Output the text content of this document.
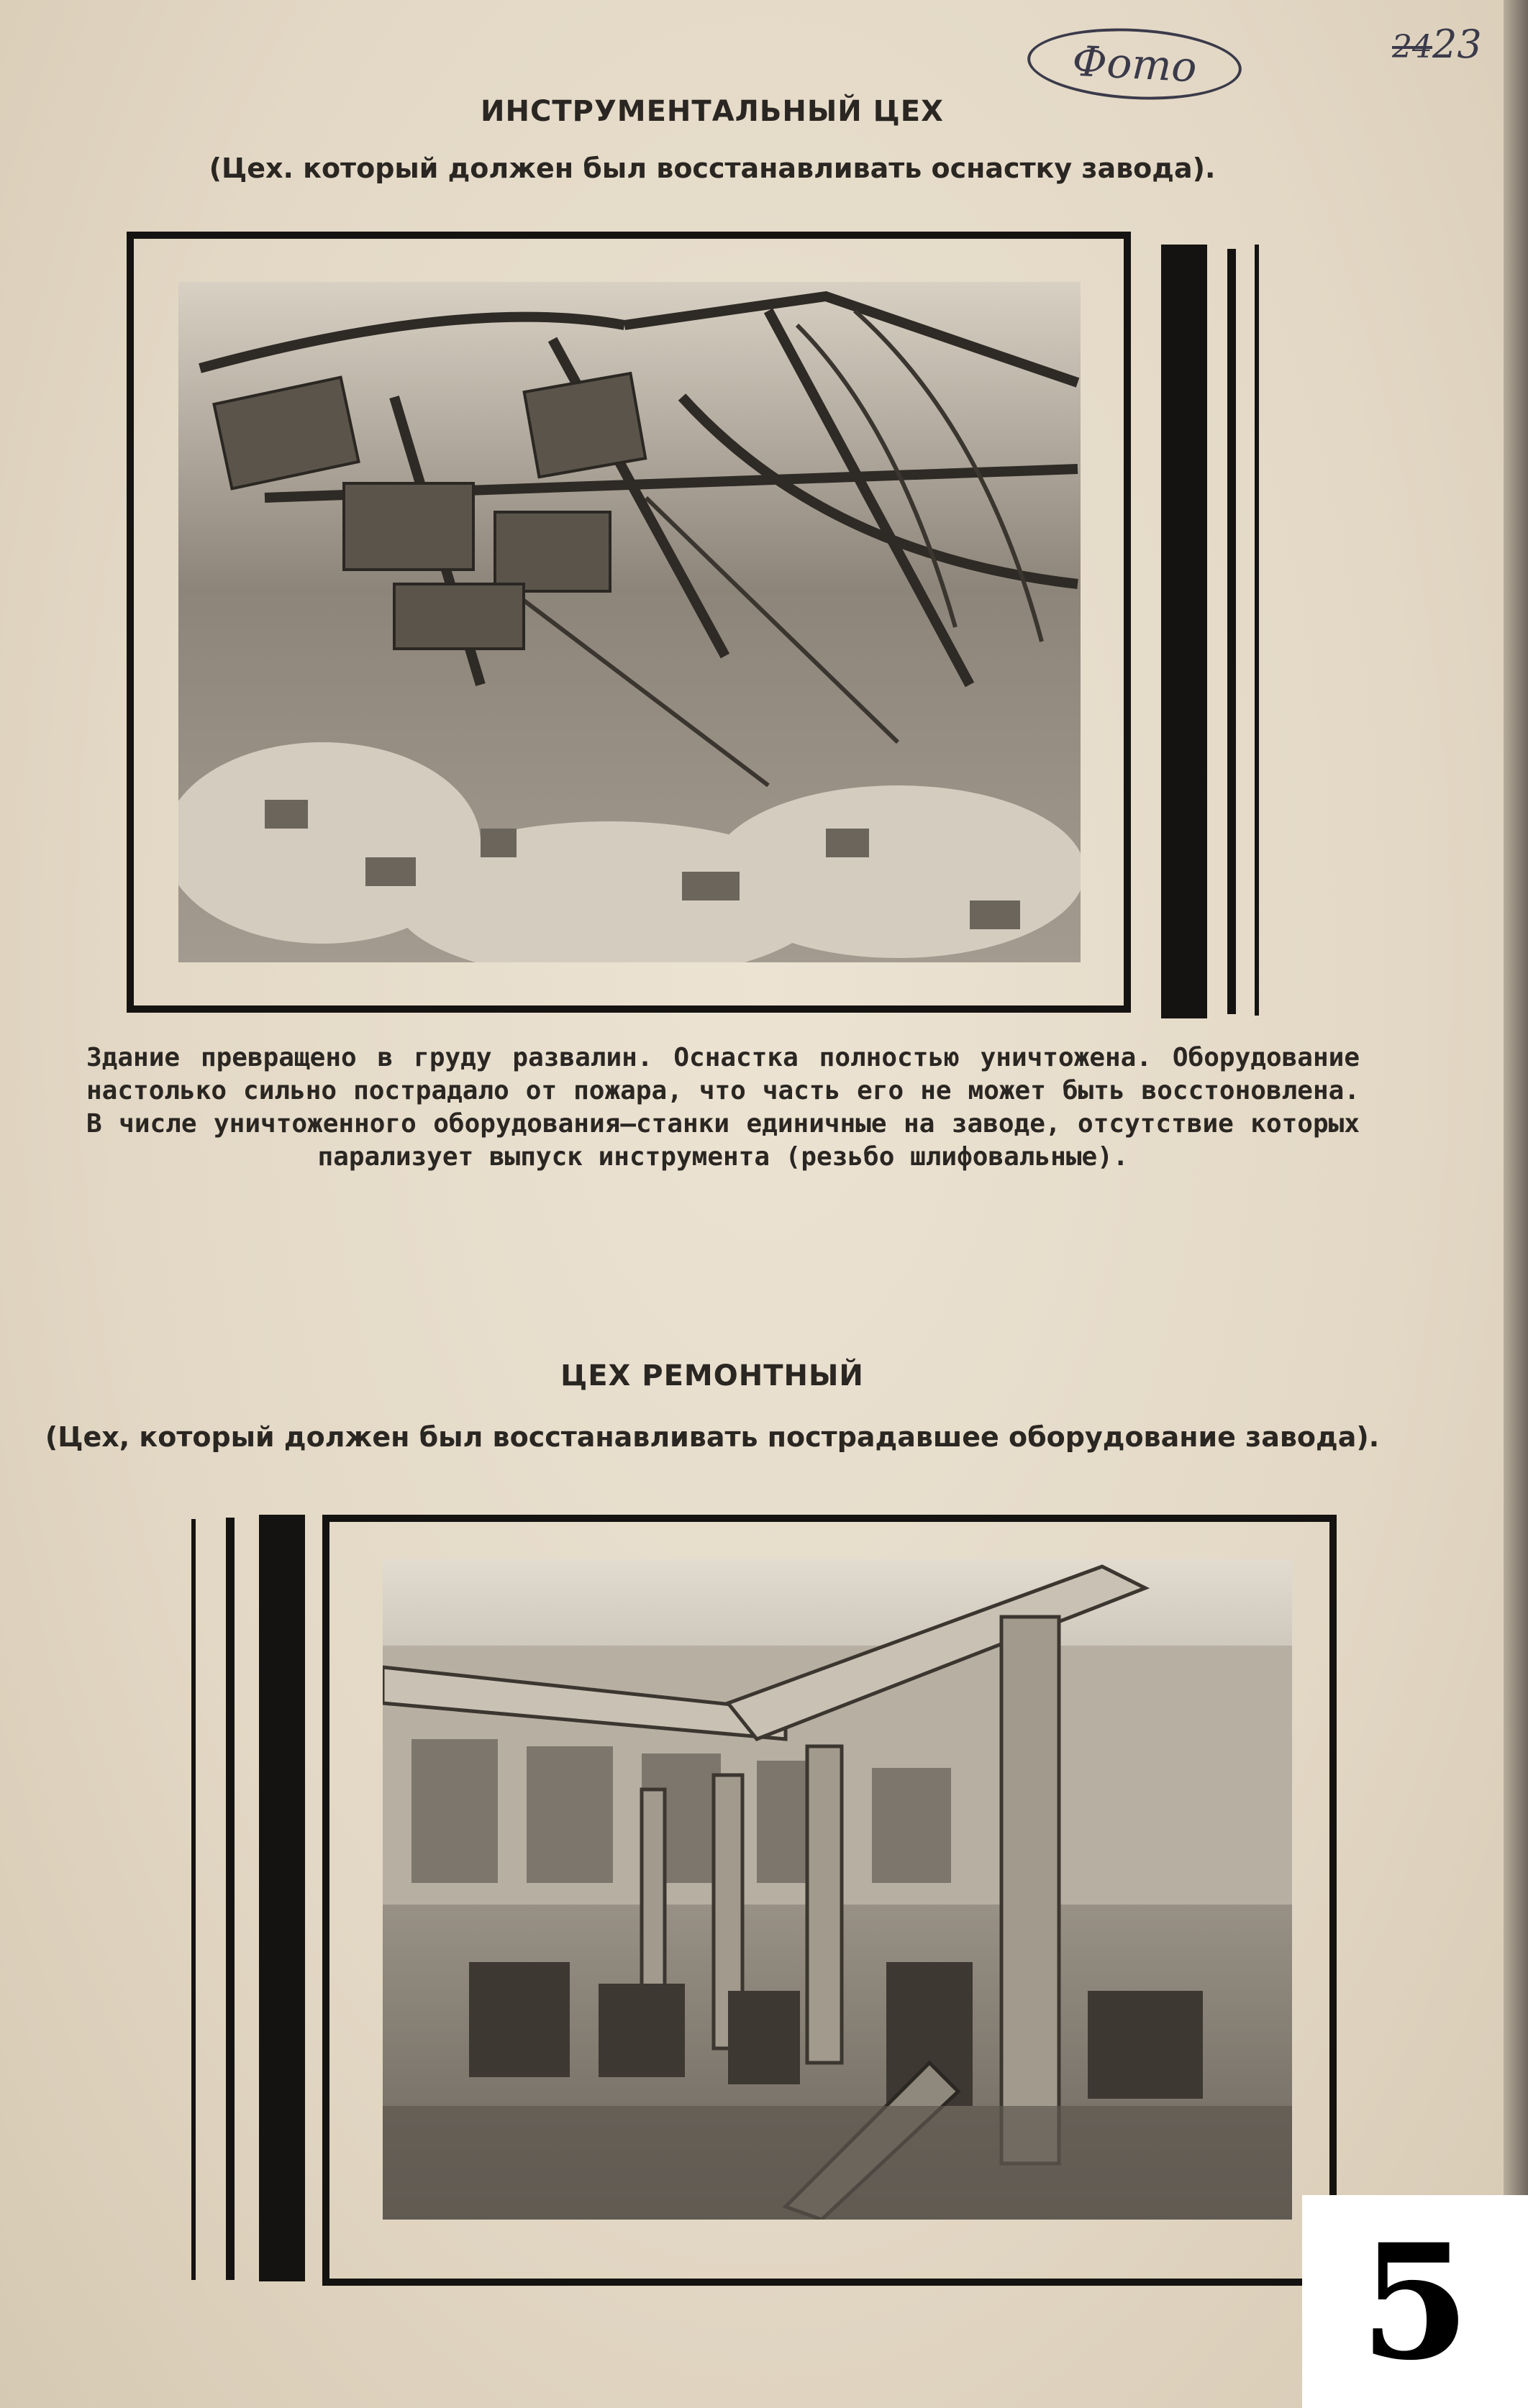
Фото	2423
ИНСТРУМЕНТАЛЬНЫЙ ЦЕХ
(Цех. который должен был восстанавливать оснастку завода).
Здание превращено в груду развалин. Оснастка полностью уничтожена. Оборудование настолько сильно пострадало от пожара, что часть его не может быть восстоновлена. В числе уничтоженного оборудования—станки единичные на заводе, отсутствие которых парализует выпуск инструмента (резьбо шлифовальные).
ЦЕХ РЕМОНТНЫЙ
(Цех, который должен был восстанавливать пострадавшее оборудование завода).
5
